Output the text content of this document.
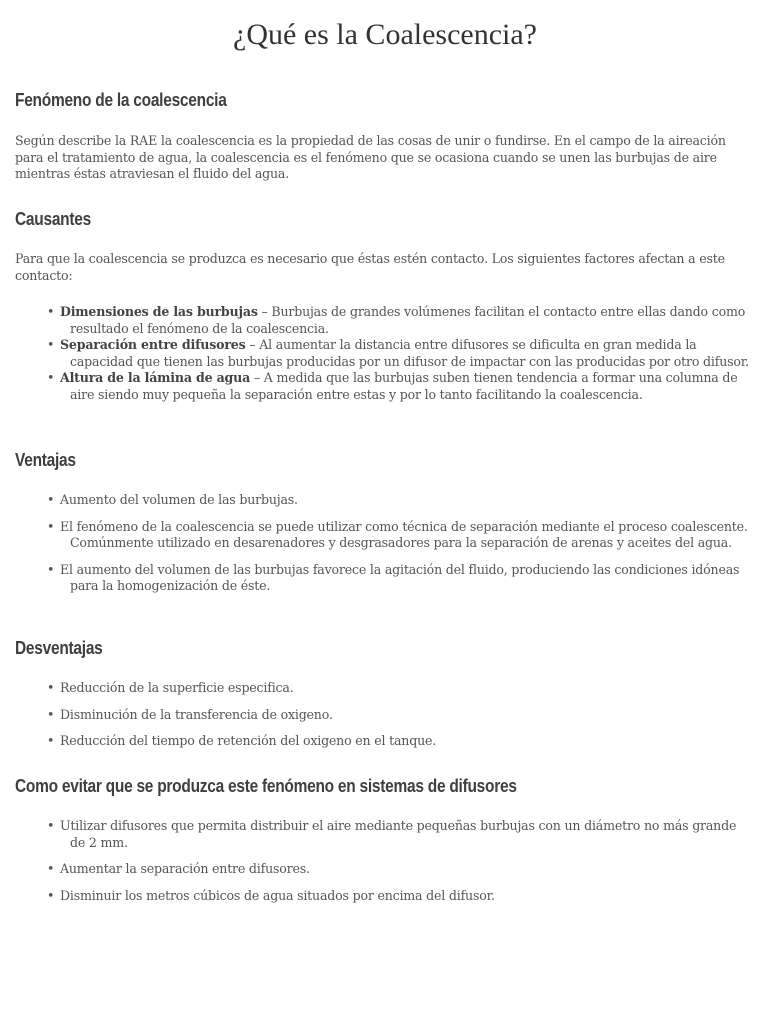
¿Qué es la Coalescencia?
Fenómeno de la coalescencia

Según describe la RAE la coalescencia es la propiedad de las cosas de unir o fundirse. En el campo de la aireación para el tratamiento de agua, la coalescencia es el fenómeno que se ocasiona cuando se unen las burbujas de aire mientras éstas atraviesan el fluido del agua.

Causantes

Para que la coalescencia se produzca es necesario que éstas estén contacto. Los siguientes factores afectan a este contacto:

• Dimensiones de las burbujas – Burbujas de grandes volúmenes facilitan el contacto entre ellas dando como resultado el fenómeno de la coalescencia.
• Separación entre difusores – Al aumentar la distancia entre difusores se dificulta en gran medida la capacidad que tienen las burbujas producidas por un difusor de impactar con las producidas por otro difusor.
• Altura de la lámina de agua – A medida que las burbujas suben tienen tendencia a formar una columna de aire siendo muy pequeña la separación entre estas y por lo tanto facilitando la coalescencia.
Ventajas
• Aumento del volumen de las burbujas.
• El fenómeno de la coalescencia se puede utilizar como técnica de separación mediante el proceso coalescente. Comúnmente utilizado en desarenadores y desgrasadores para la separación de arenas y aceites del agua.
• El aumento del volumen de las burbujas favorece la agitación del fluido, produciendo las condiciones idóneas para la homogenización de éste.
Desventajas
• Reducción de la superficie especifica.
• Disminución de la transferencia de oxigeno.
• Reducción del tiempo de retención del oxigeno en el tanque.
Como evitar que se produzca este fenómeno en sistemas de difusores
• Utilizar difusores que permita distribuir el aire mediante pequeñas burbujas con un diámetro no más grande de 2 mm.
• Aumentar la separación entre difusores.
• Disminuir los metros cúbicos de agua situados por encima del difusor.
